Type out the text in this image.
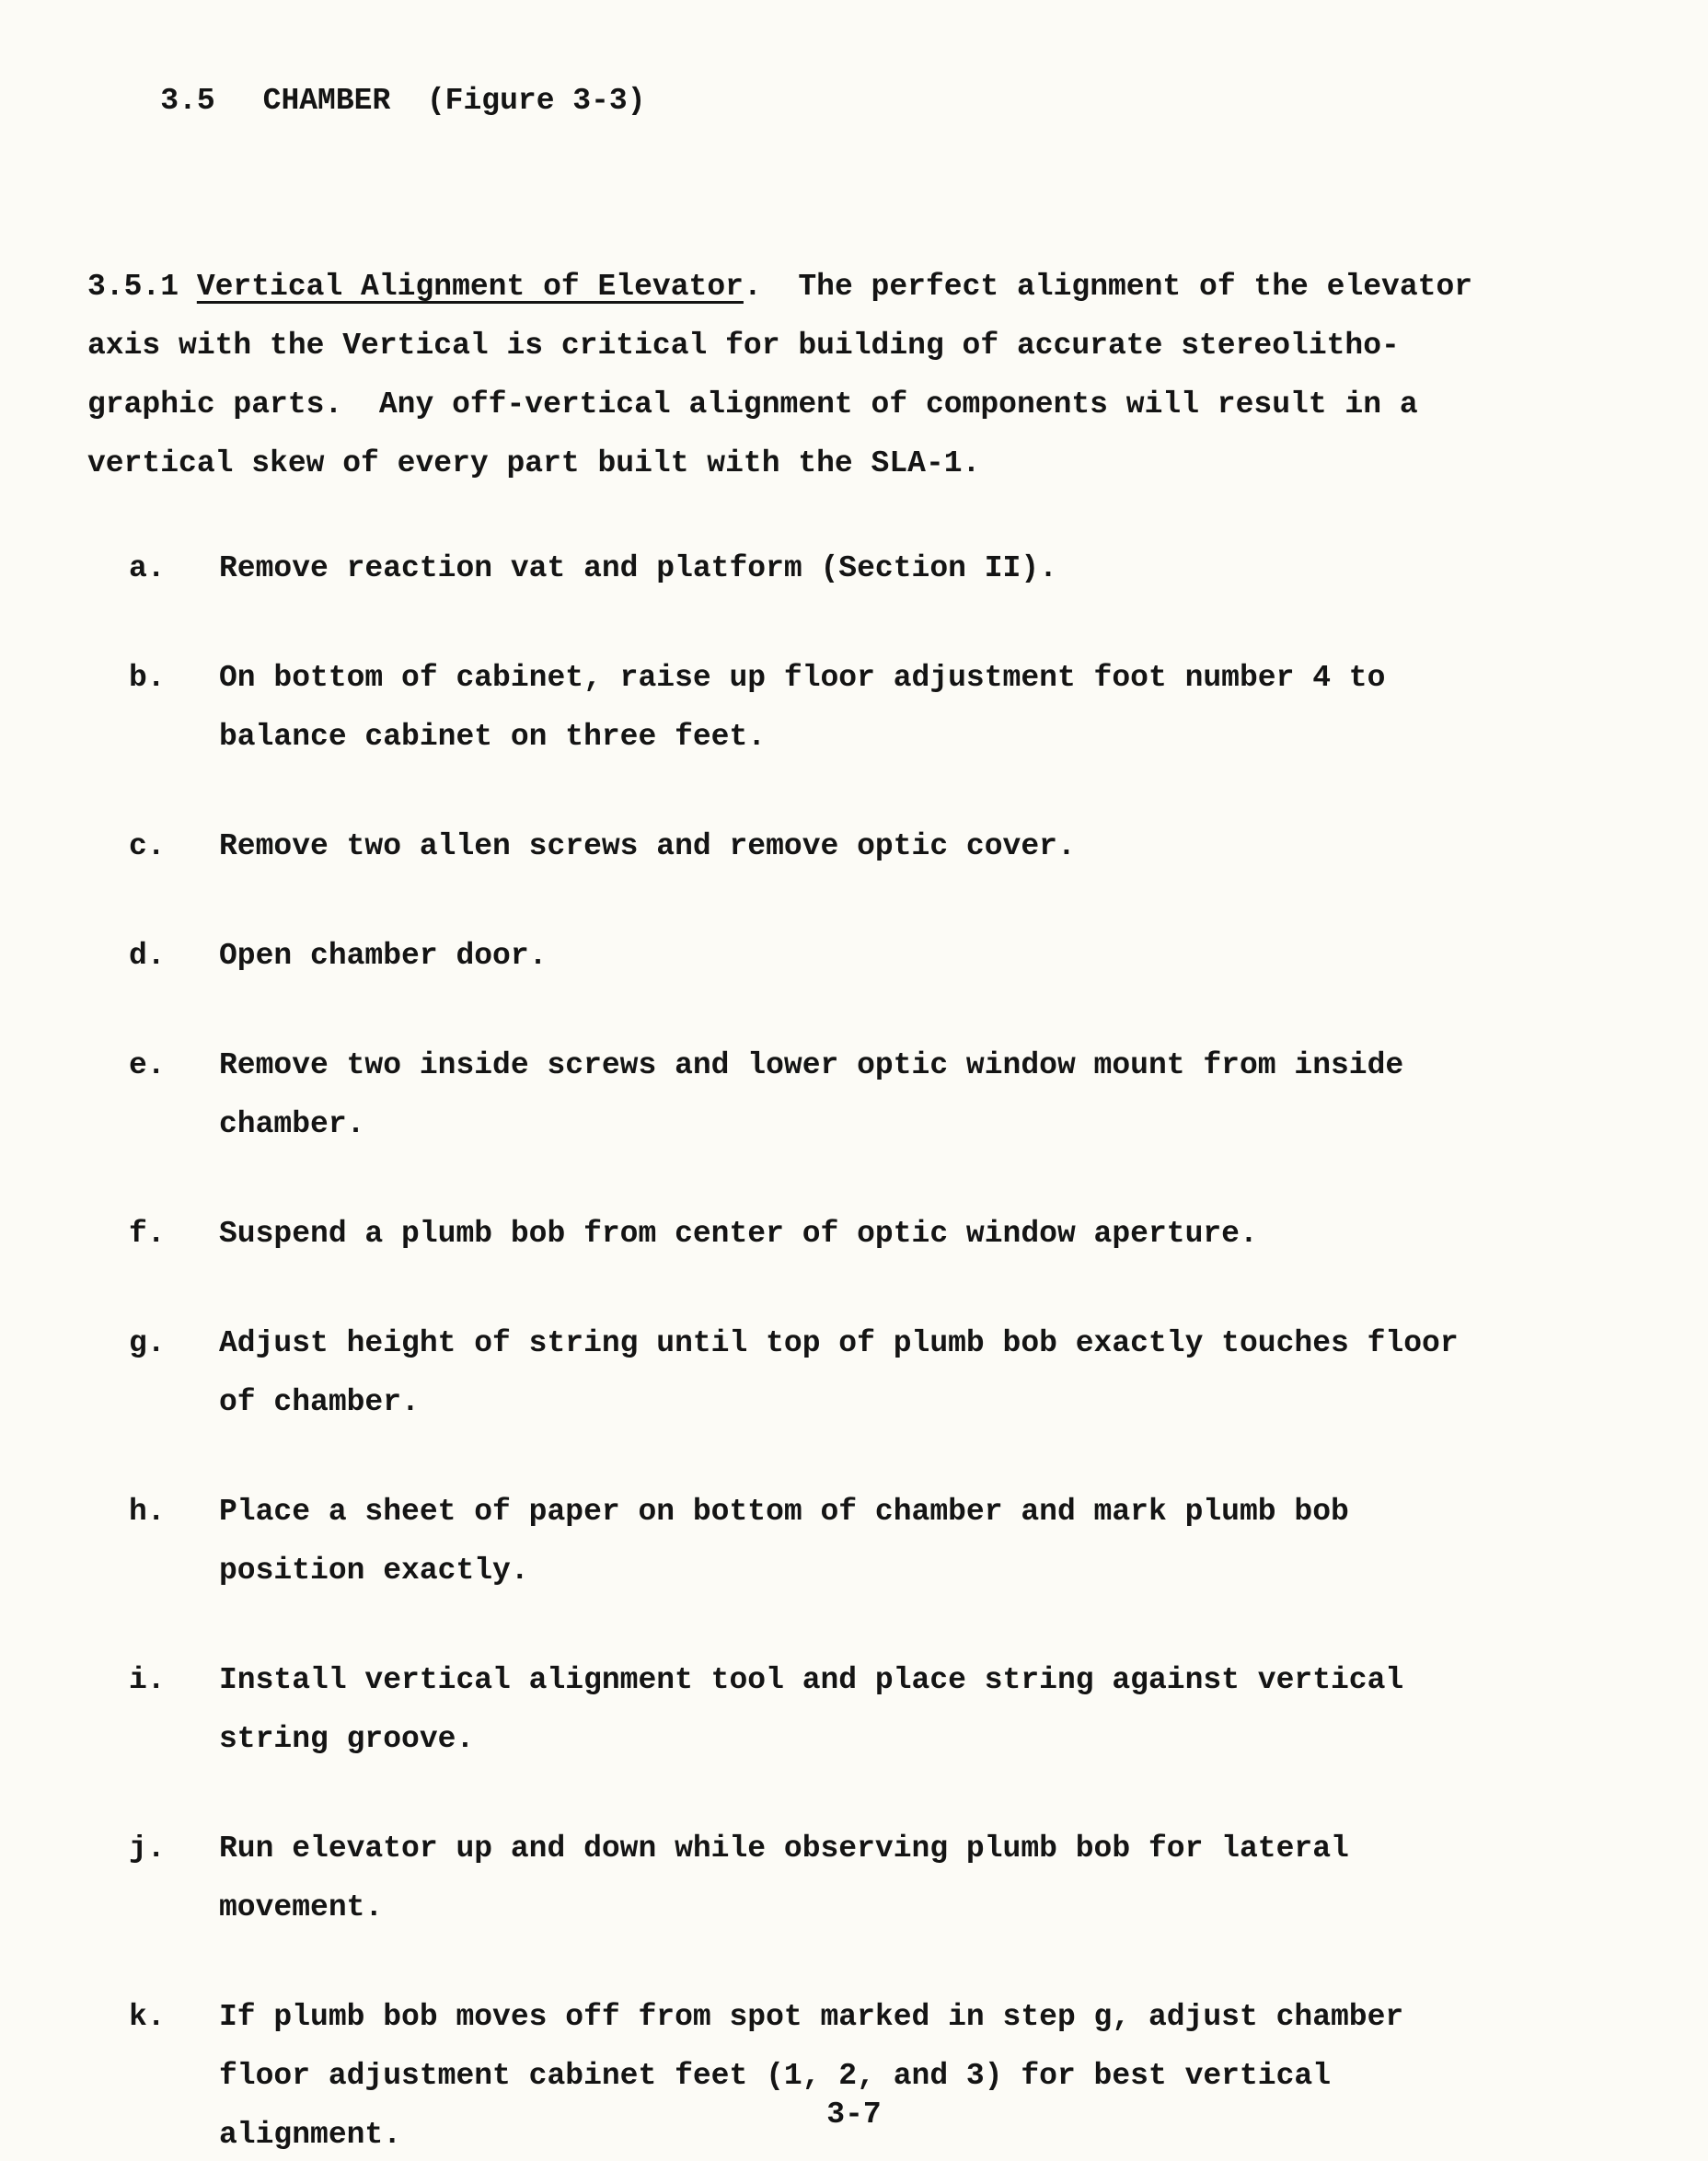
3.5 CHAMBER  (Figure 3-3)

3.5.1 Vertical Alignment of Elevator.  The perfect alignment of the elevator
axis with the Vertical is critical for building of accurate stereolitho-
graphic parts.  Any off-vertical alignment of components will result in a
vertical skew of every part built with the SLA-1.
a.	Remove reaction vat and platform (Section II).
b.	On bottom of cabinet, raise up floor adjustment foot number 4 to
balance cabinet on three feet.
c.	Remove two allen screws and remove optic cover.
d.	Open chamber door.
e.	Remove two inside screws and lower optic window mount from inside
chamber.
f.	Suspend a plumb bob from center of optic window aperture.
g.	Adjust height of string until top of plumb bob exactly touches floor
of chamber.
h.	Place a sheet of paper on bottom of chamber and mark plumb bob
position exactly.
i.	Install vertical alignment tool and place string against vertical
string groove.
j.	Run elevator up and down while observing plumb bob for lateral
movement.
k.	If plumb bob moves off from spot marked in step g, adjust chamber
floor adjustment cabinet feet (1, 2, and 3) for best vertical
alignment.
3-7
